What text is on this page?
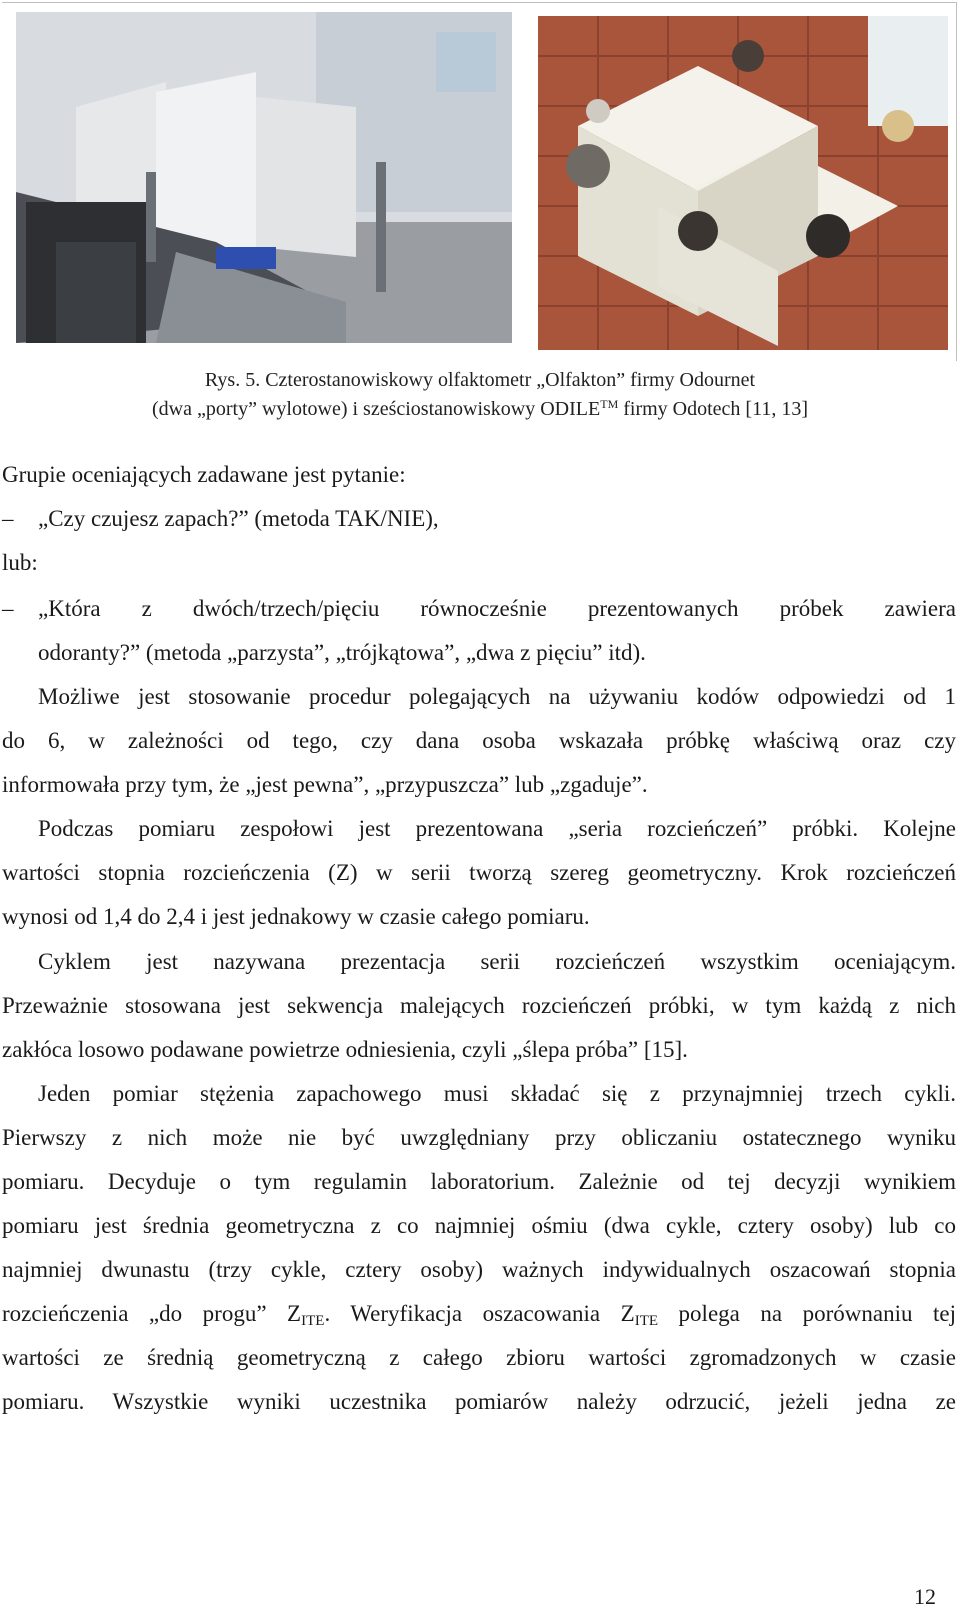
Rys. 5. Czterostanowiskowy olfaktometr „Olfakton” firmy Odournet
(dwa „porty” wylotowe) i sześciostanowiskowy ODILE™ firmy Odotech [11, 13]
Grupie oceniających zadawane jest pytanie:
– „Czy czujesz zapach?” (metoda TAK/NIE),
lub:
– „Która z dwóch/trzech/pięciu równocześnie prezentowanych próbek zawiera
odoranty?” (metoda „parzysta”, „trójkątowa”, „dwa z pięciu” itd).
Możliwe jest stosowanie procedur polegających na używaniu kodów odpowiedzi od 1
do 6, w zależności od tego, czy dana osoba wskazała próbkę właściwą oraz czy
informowała przy tym, że „jest pewna”, „przypuszcza” lub „zgaduje”.
Podczas pomiaru zespołowi jest prezentowana „seria rozcieńczeń” próbki. Kolejne
wartości stopnia rozcieńczenia (Z) w serii tworzą szereg geometryczny. Krok rozcieńczeń
wynosi od 1,4 do 2,4 i jest jednakowy w czasie całego pomiaru.
Cyklem jest nazywana prezentacja serii rozcieńczeń wszystkim oceniającym.
Przeważnie stosowana jest sekwencja malejących rozcieńczeń próbki, w tym każdą z nich
zakłóca losowo podawane powietrze odniesienia, czyli „ślepa próba” [15].
Jeden pomiar stężenia zapachowego musi składać się z przynajmniej trzech cykli.
Pierwszy z nich może nie być uwzględniany przy obliczaniu ostatecznego wyniku
pomiaru. Decyduje o tym regulamin laboratorium. Zależnie od tej decyzji wynikiem
pomiaru jest średnia geometryczna z co najmniej ośmiu (dwa cykle, cztery osoby) lub co
najmniej dwunastu (trzy cykle, cztery osoby) ważnych indywidualnych oszacowań stopnia
rozcieńczenia „do progu” $Z_{ITE}$. Weryfikacja oszacowania $Z_{ITE}$ polega na porównaniu tej
wartości ze średnią geometryczną z całego zbioru wartości zgromadzonych w czasie
pomiaru. Wszystkie wyniki uczestnika pomiarów należy odrzucić, jeżeli jedna ze
12
